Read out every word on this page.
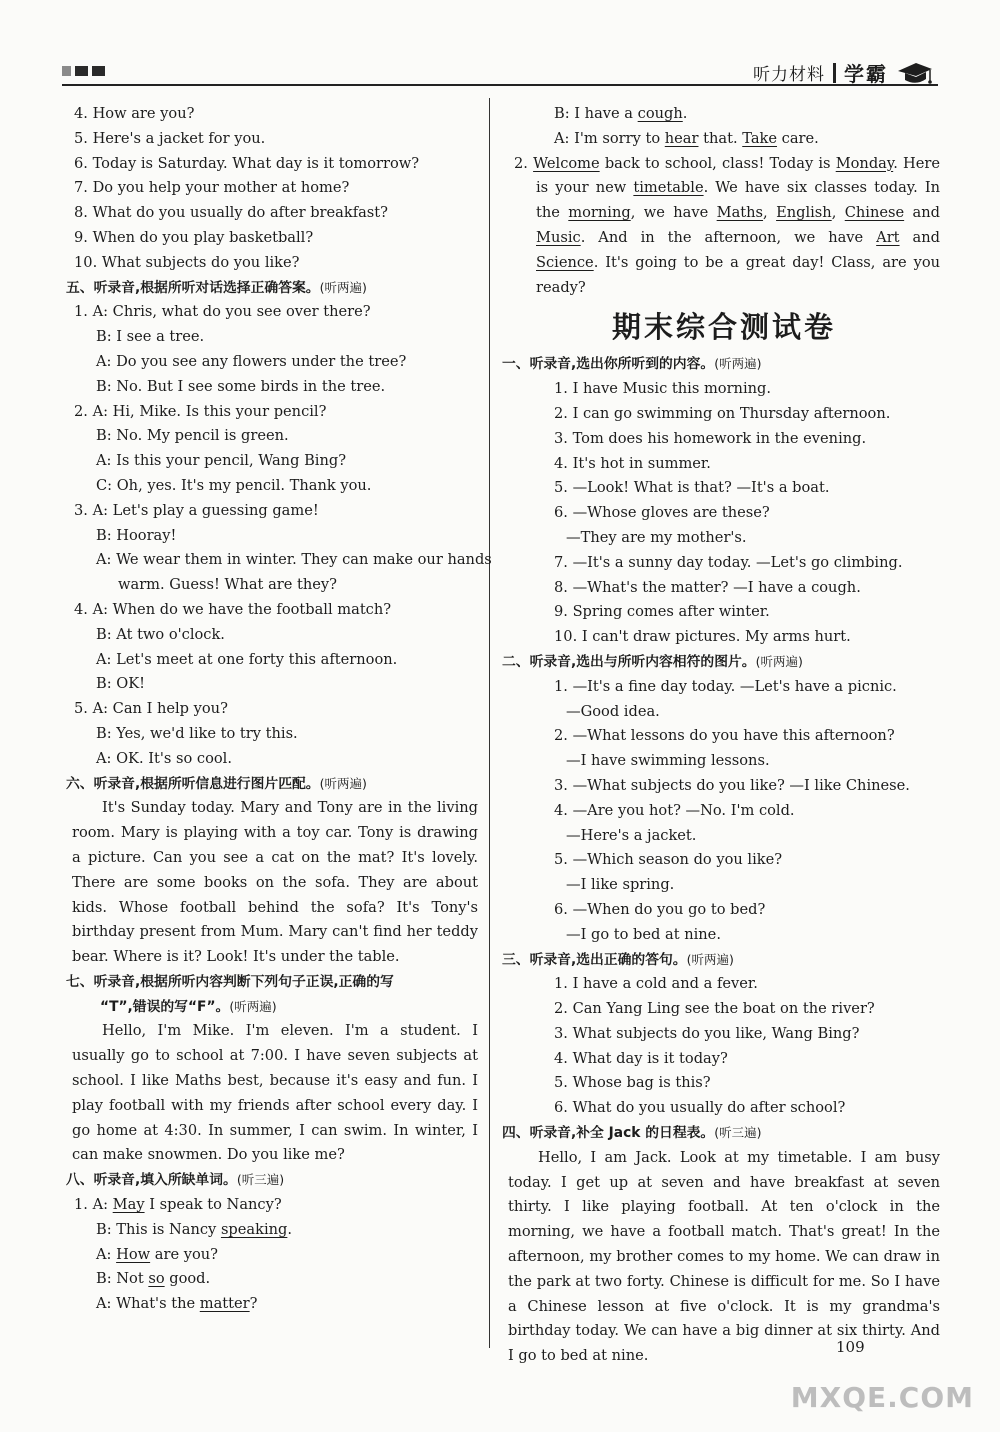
听力材料 学霸
4. How are you?
5. Here's a jacket for you.
6. Today is Saturday. What day is it tomorrow?
7. Do you help your mother at home?
8. What do you usually do after breakfast?
9. When do you play basketball?
10. What subjects do you like?
五、听录音,根据所听对话选择正确答案。(听两遍)
1. A: Chris, what do you see over there?
B: I see a tree.
A: Do you see any flowers under the tree?
B: No. But I see some birds in the tree.
2. A: Hi, Mike. Is this your pencil?
B: No. My pencil is green.
A: Is this your pencil, Wang Bing?
C: Oh, yes. It's my pencil. Thank you.
3. A: Let's play a guessing game!
B: Hooray!
A: We wear them in winter. They can make our hands
warm. Guess! What are they?
4. A: When do we have the football match?
B: At two o'clock.
A: Let's meet at one forty this afternoon.
B: OK!
5. A: Can I help you?
B: Yes, we'd like to try this.
A: OK. It's so cool.
六、听录音,根据所听信息进行图片匹配。(听两遍)
It's Sunday today. Mary and Tony are in the living room. Mary is playing with a toy car. Tony is drawing a picture. Can you see a cat on the mat? It's lovely. There are some books on the sofa. They are about kids. Whose football behind the sofa? It's Tony's birthday present from Mum. Mary can't find her teddy bear. Where is it? Look! It's under the table.
七、听录音,根据所听内容判断下列句子正误,正确的写
“T”,错误的写“F”。(听两遍)
Hello, I'm Mike. I'm eleven. I'm a student. I usually go to school at 7:00. I have seven subjects at school. I like Maths best, because it's easy and fun. I play football with my friends after school every day. I go home at 4:30. In summer, I can swim. In winter, I can make snowmen. Do you like me?
八、听录音,填入所缺单词。(听三遍)
1. A: May I speak to Nancy?
B: This is Nancy speaking.
A: How are you?
B: Not so good.
A: What's the matter?
B: I have a cough.
A: I'm sorry to hear that. Take care.
2. Welcome back to school, class! Today is Monday. Here is your new timetable. We have six classes today. In the morning, we have Maths, English, Chinese and Music. And in the afternoon, we have Art and Science. It's going to be a great day! Class, are you ready?
期末综合测试卷
一、听录音,选出你所听到的内容。(听两遍)
1. I have Music this morning.
2. I can go swimming on Thursday afternoon.
3. Tom does his homework in the evening.
4. It's hot in summer.
5. —Look! What is that? —It's a boat.
6. —Whose gloves are these?
—They are my mother's.
7. —It's a sunny day today. —Let's go climbing.
8. —What's the matter? —I have a cough.
9. Spring comes after winter.
10. I can't draw pictures. My arms hurt.
二、听录音,选出与所听内容相符的图片。(听两遍)
1. —It's a fine day today. —Let's have a picnic.
—Good idea.
2. —What lessons do you have this afternoon?
—I have swimming lessons.
3. —What subjects do you like? —I like Chinese.
4. —Are you hot? —No. I'm cold.
—Here's a jacket.
5. —Which season do you like?
—I like spring.
6. —When do you go to bed?
—I go to bed at nine.
三、听录音,选出正确的答句。(听两遍)
1. I have a cold and a fever.
2. Can Yang Ling see the boat on the river?
3. What subjects do you like, Wang Bing?
4. What day is it today?
5. Whose bag is this?
6. What do you usually do after school?
四、听录音,补全 Jack 的日程表。(听三遍)
Hello, I am Jack. Look at my timetable. I am busy today. I get up at seven and have breakfast at seven thirty. I like playing football. At ten o'clock in the morning, we have a football match. That's great! In the afternoon, my brother comes to my home. We can draw in the park at two forty. Chinese is difficult for me. So I have a Chinese lesson at five o'clock. It is my grandma's birthday today. We can have a big dinner at six thirty. And I go to bed at nine.	109
MXQE.COM
